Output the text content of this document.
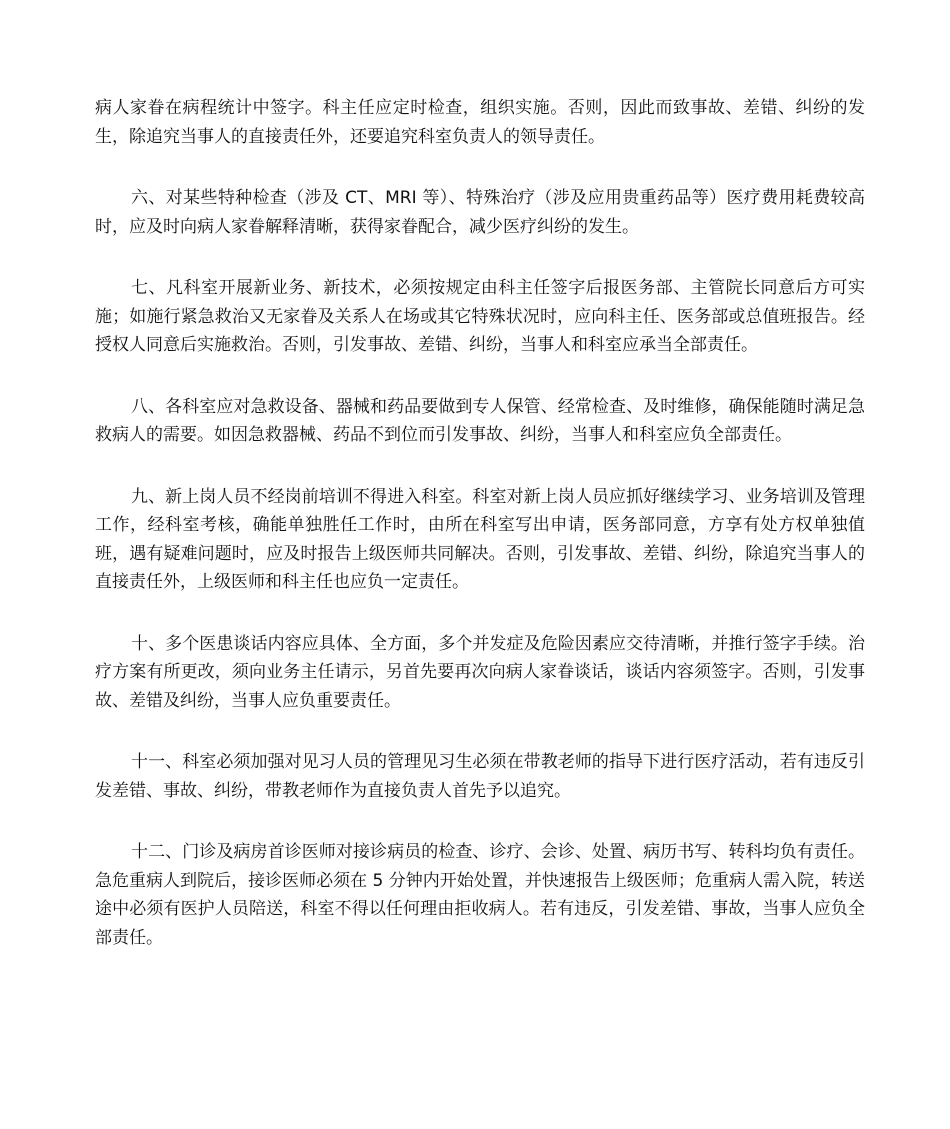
病人家眷在病程统计中签字。科主任应定时检查，组织实施。否则，因此而致事故、差错、纠纷的发生，除追究当事人的直接责任外，还要追究科室负责人的领导责任。

六、对某些特种检查（涉及 CT、MRI 等）、特殊治疗（涉及应用贵重药品等）医疗费用耗费较高时，应及时向病人家眷解释清晰，获得家眷配合，减少医疗纠纷的发生。

七、凡科室开展新业务、新技术，必须按规定由科主任签字后报医务部、主管院长同意后方可实施；如施行紧急救治又无家眷及关系人在场或其它特殊状况时，应向科主任、医务部或总值班报告。经授权人同意后实施救治。否则，引发事故、差错、纠纷，当事人和科室应承当全部责任。

八、各科室应对急救设备、器械和药品要做到专人保管、经常检查、及时维修，确保能随时满足急救病人的需要。如因急救器械、药品不到位而引发事故、纠纷，当事人和科室应负全部责任。

九、新上岗人员不经岗前培训不得进入科室。科室对新上岗人员应抓好继续学习、业务培训及管理工作，经科室考核，确能单独胜任工作时，由所在科室写出申请，医务部同意，方享有处方权单独值班，遇有疑难问题时，应及时报告上级医师共同解决。否则，引发事故、差错、纠纷，除追究当事人的直接责任外，上级医师和科主任也应负一定责任。

十、多个医患谈话内容应具体、全方面，多个并发症及危险因素应交待清晰，并推行签字手续。治疗方案有所更改，须向业务主任请示，另首先要再次向病人家眷谈话，谈话内容须签字。否则，引发事故、差错及纠纷，当事人应负重要责任。

十一、科室必须加强对见习人员的管理见习生必须在带教老师的指导下进行医疗活动，若有违反引发差错、事故、纠纷，带教老师作为直接负责人首先予以追究。

十二、门诊及病房首诊医师对接诊病员的检查、诊疗、会诊、处置、病历书写、转科均负有责任。急危重病人到院后，接诊医师必须在 5 分钟内开始处置，并快速报告上级医师；危重病人需入院，转送途中必须有医护人员陪送，科室不得以任何理由拒收病人。若有违反，引发差错、事故，当事人应负全部责任。
